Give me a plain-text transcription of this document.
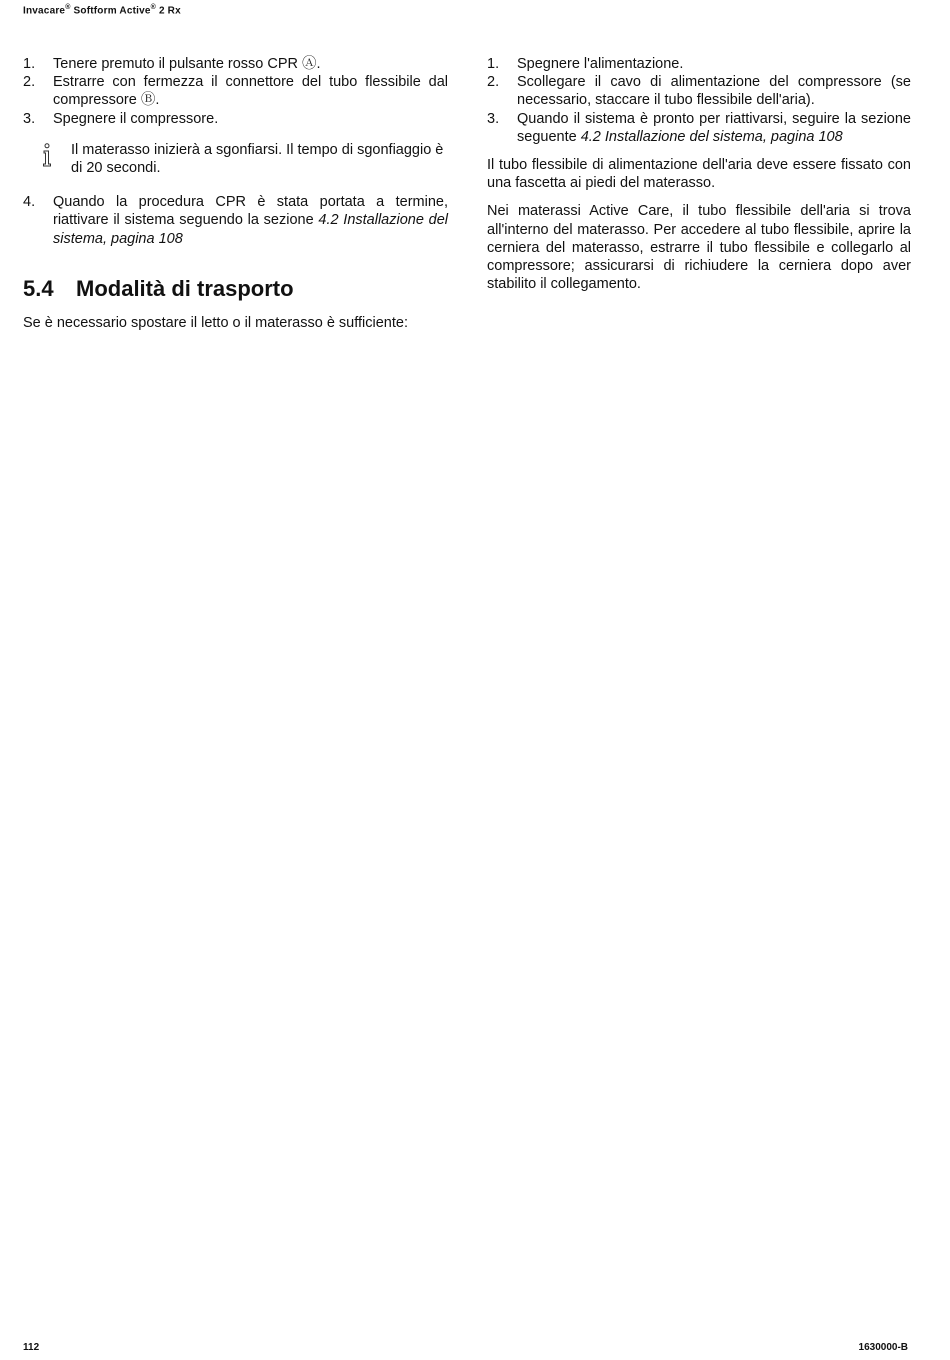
Invacare® Softform Active® 2 Rx
1.	Tenere premuto il pulsante rosso CPR Ⓐ.
2.	Estrarre con fermezza il connettore del tubo flessibile dal compressore Ⓑ.
3.	Spegnere il compressore.
Il materasso inizierà a sgonfiarsi. Il tempo di sgonfiaggio è di 20 secondi.
4.	Quando la procedura CPR è stata portata a termine, riattivare il sistema seguendo la sezione 4.2 Installazione del sistema, pagina 108
5.4	Modalità di trasporto
Se è necessario spostare il letto o il materasso è sufficiente:
1.	Spegnere l'alimentazione.
2.	Scollegare il cavo di alimentazione del compressore (se necessario, staccare il tubo flessibile dell'aria).
3.	Quando il sistema è pronto per riattivarsi, seguire la sezione seguente 4.2 Installazione del sistema, pagina 108
Il tubo flessibile di alimentazione dell'aria deve essere fissato con una fascetta ai piedi del materasso.
Nei materassi Active Care, il tubo flessibile dell'aria si trova all'interno del materasso. Per accedere al tubo flessibile, aprire la cerniera del materasso, estrarre il tubo flessibile e collegarlo al compressore; assicurarsi di richiudere la cerniera dopo aver stabilito il collegamento.
112	1630000-B
